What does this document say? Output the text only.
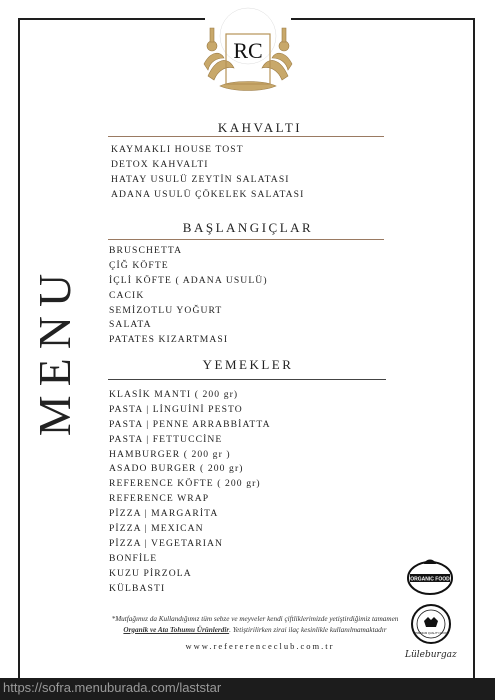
RC
MENU
KAHVALTI
KAYMAKLI HOUSE TOST
DETOX KAHVALTI
HATAY USULÜ ZEYTİN SALATASI
ADANA USULÜ ÇÖKELEK SALATASI
BAŞLANGIÇLAR
BRUSCHETTA
ÇİĞ KÖFTE
İÇLİ KÖFTE ( ADANA USULÜ)
CACIK
SEMİZOTLU YOĞURT
SALATA
PATATES KIZARTMASI
YEMEKLER
KLASİK MANTI ( 200 gr)
PASTA | LİNGUİNİ PESTO
PASTA | PENNE ARRABBİATTA
PASTA | FETTUCCİNE
HAMBURGER ( 200 gr )
ASADO BURGER ( 200 gr)
REFERENCE KÖFTE ( 200 gr)
REFERENCE WRAP
PİZZA | MARGARİTA
PİZZA | MEXICAN
PİZZA | VEGETARIAN
BONFİLE
KUZU PİRZOLA
KÜLBASTI
*Mutfağımız da Kullandığımız tüm sebze ve meyveler kendi çiftliklerimizde yetiştirdiğimiz tamamen Organik ve Ata Tohumu Ürünlerdir. Yetiştirilirken zirai ilaç kesinlikle kullanılmamaktadır
www.refererenceclub.com.tr
ORGANIC FOOD
PREMIUM QUALITY FOOD
Lüleburgaz
https://sofra.menuburada.com/laststar
